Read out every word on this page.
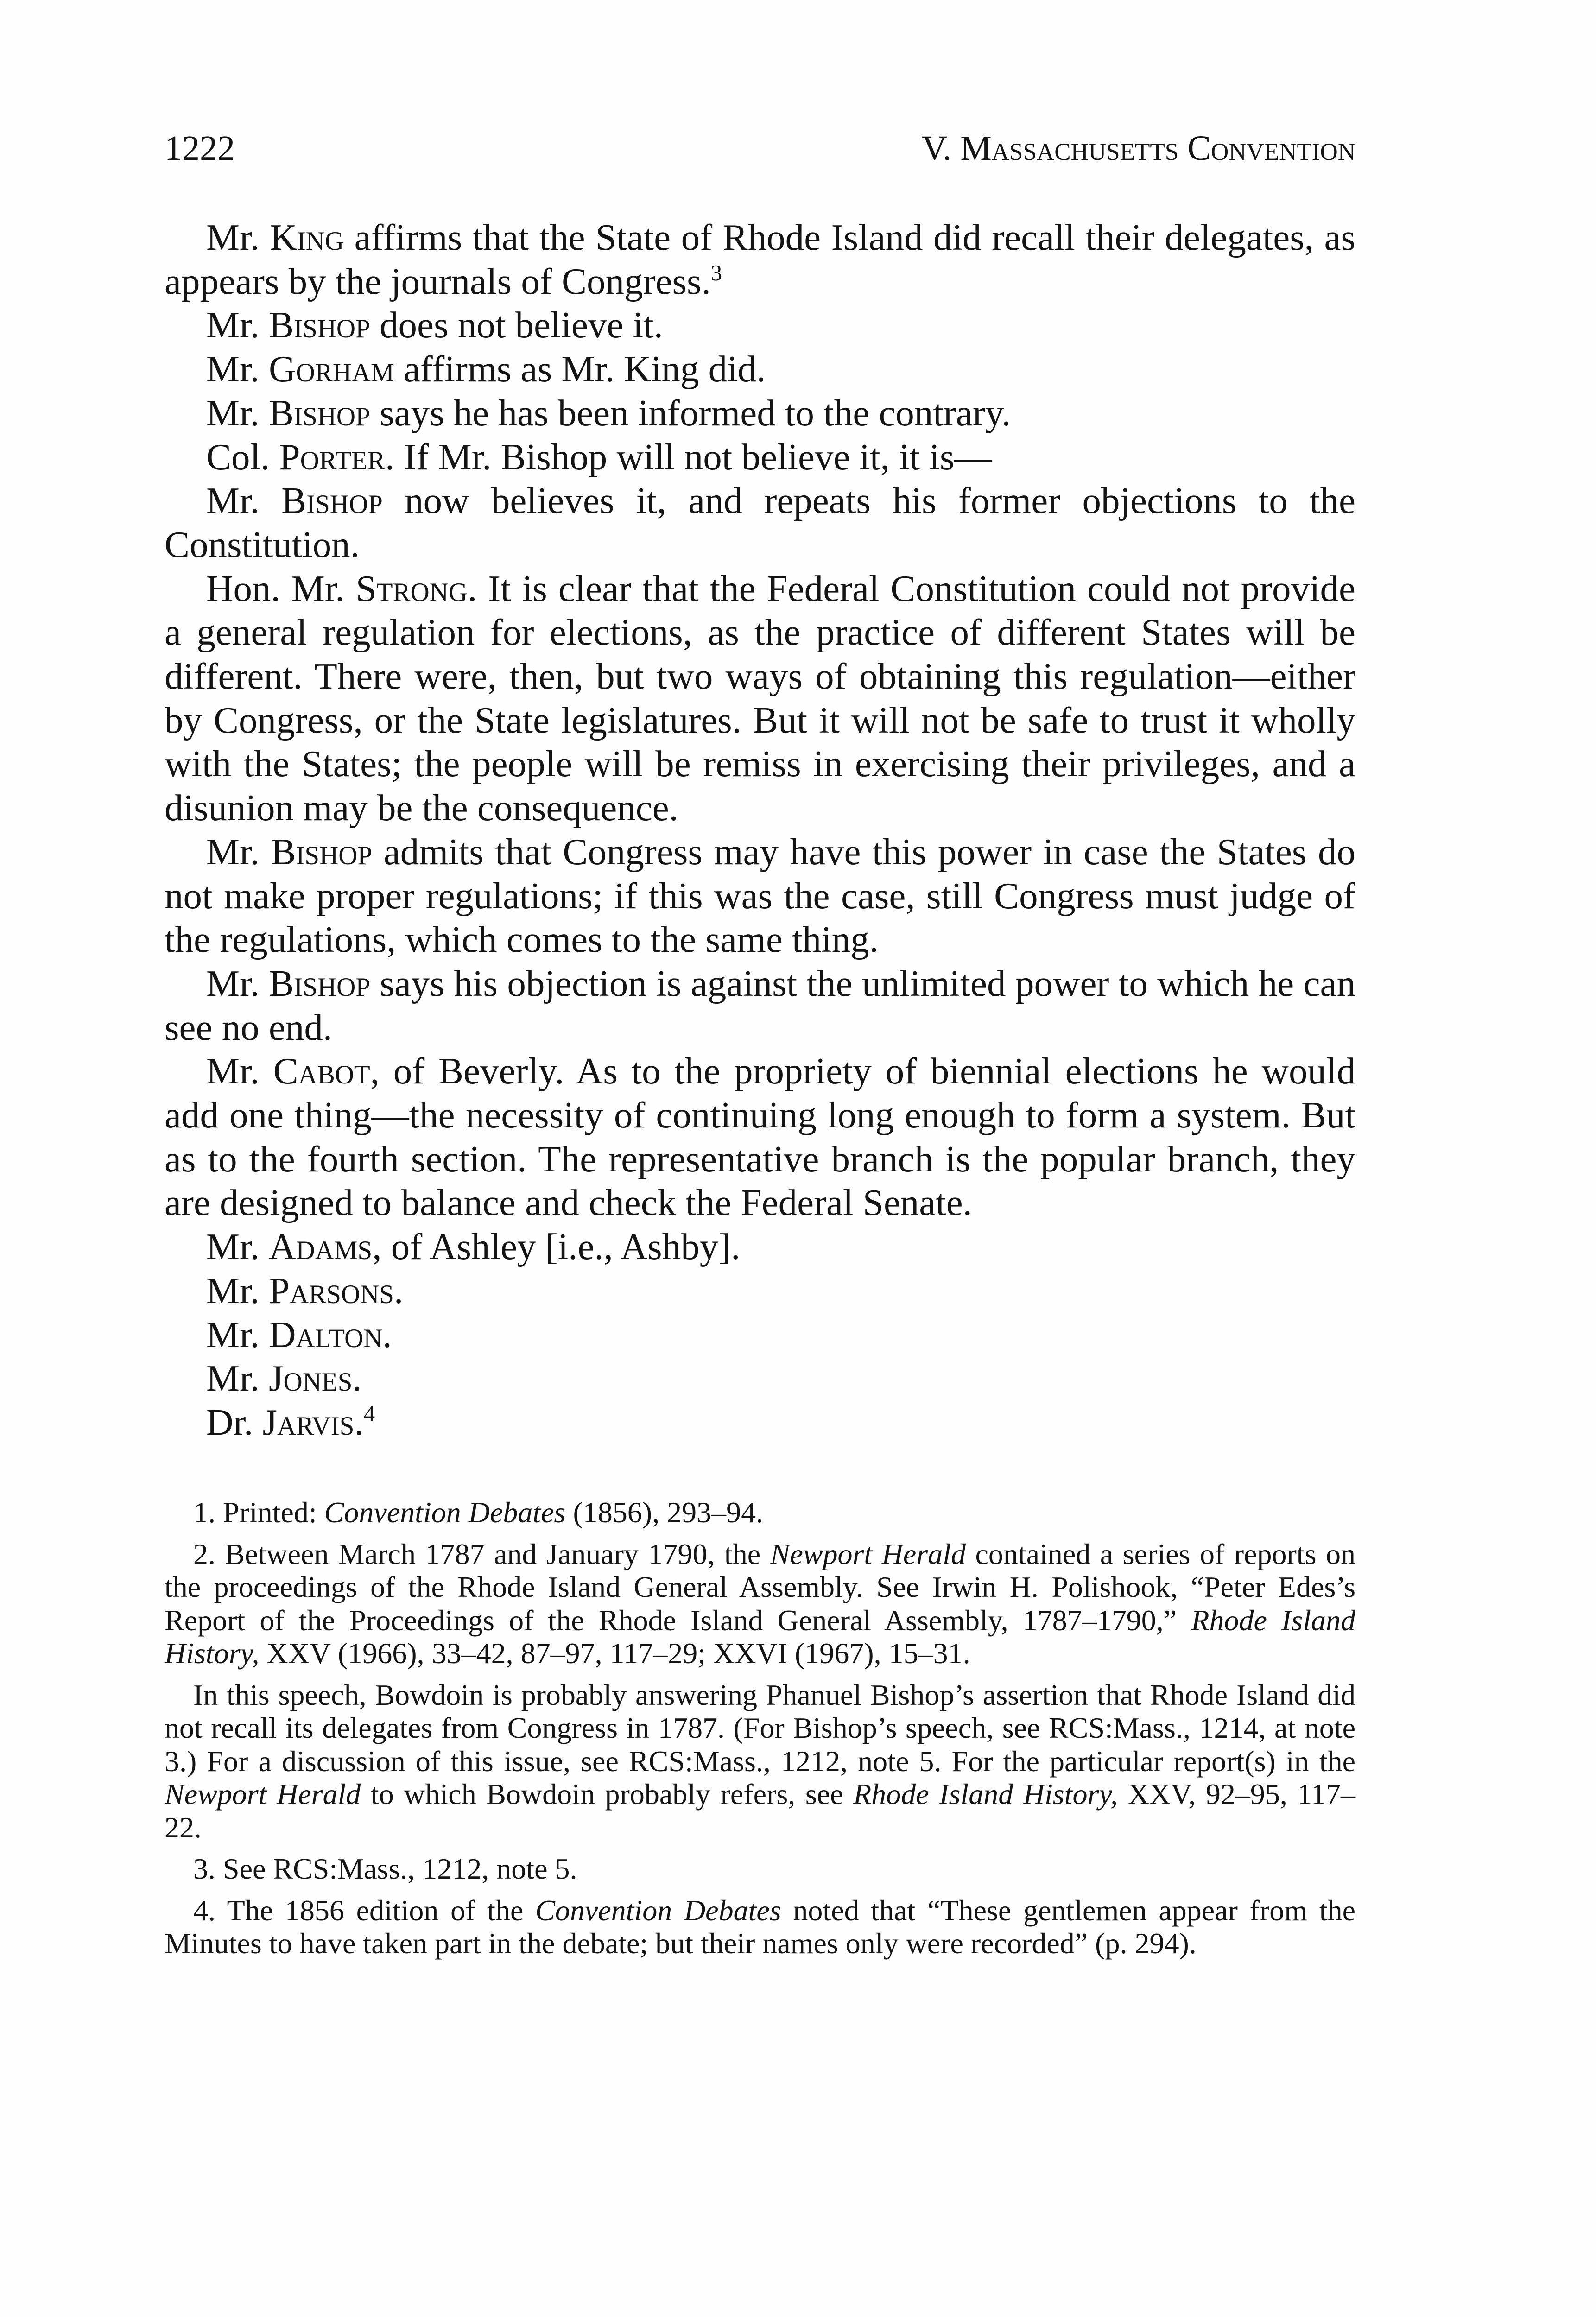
1222	V. Massachusetts Convention

Mr. King affirms that the State of Rhode Island did recall their delegates, as appears by the journals of Congress.$^3$

Mr. Bishop does not believe it.

Mr. Gorham affirms as Mr. King did.

Mr. Bishop says he has been informed to the contrary.

Col. Porter. If Mr. Bishop will not believe it, it is—

Mr. Bishop now believes it, and repeats his former objections to the Constitution.

Hon. Mr. Strong. It is clear that the Federal Constitution could not provide a general regulation for elections, as the practice of different States will be different. There were, then, but two ways of obtaining this regulation—either by Congress, or the State legislatures. But it will not be safe to trust it wholly with the States; the people will be remiss in exercising their privileges, and a disunion may be the consequence.

Mr. Bishop admits that Congress may have this power in case the States do not make proper regulations; if this was the case, still Congress must judge of the regulations, which comes to the same thing.

Mr. Bishop says his objection is against the unlimited power to which he can see no end.

Mr. Cabot, of Beverly. As to the propriety of biennial elections he would add one thing—the necessity of continuing long enough to form a system. But as to the fourth section. The representative branch is the popular branch, they are designed to balance and check the Federal Senate.

Mr. Adams, of Ashley [i.e., Ashby].

Mr. Parsons.

Mr. Dalton.

Mr. Jones.

Dr. Jarvis.$^4$

1. Printed: Convention Debates (1856), 293–94.

2. Between March 1787 and January 1790, the Newport Herald contained a series of reports on the proceedings of the Rhode Island General Assembly. See Irwin H. Polishook, “Peter Edes’s Report of the Proceedings of the Rhode Island General Assembly, 1787–1790,” Rhode Island History, XXV (1966), 33–42, 87–97, 117–29; XXVI (1967), 15–31.

In this speech, Bowdoin is probably answering Phanuel Bishop’s assertion that Rhode Island did not recall its delegates from Congress in 1787. (For Bishop’s speech, see RCS:Mass., 1214, at note 3.) For a discussion of this issue, see RCS:Mass., 1212, note 5. For the particular report(s) in the Newport Herald to which Bowdoin probably refers, see Rhode Island History, XXV, 92–95, 117–22.

3. See RCS:Mass., 1212, note 5.

4. The 1856 edition of the Convention Debates noted that “These gentlemen appear from the Minutes to have taken part in the debate; but their names only were recorded” (p. 294).
